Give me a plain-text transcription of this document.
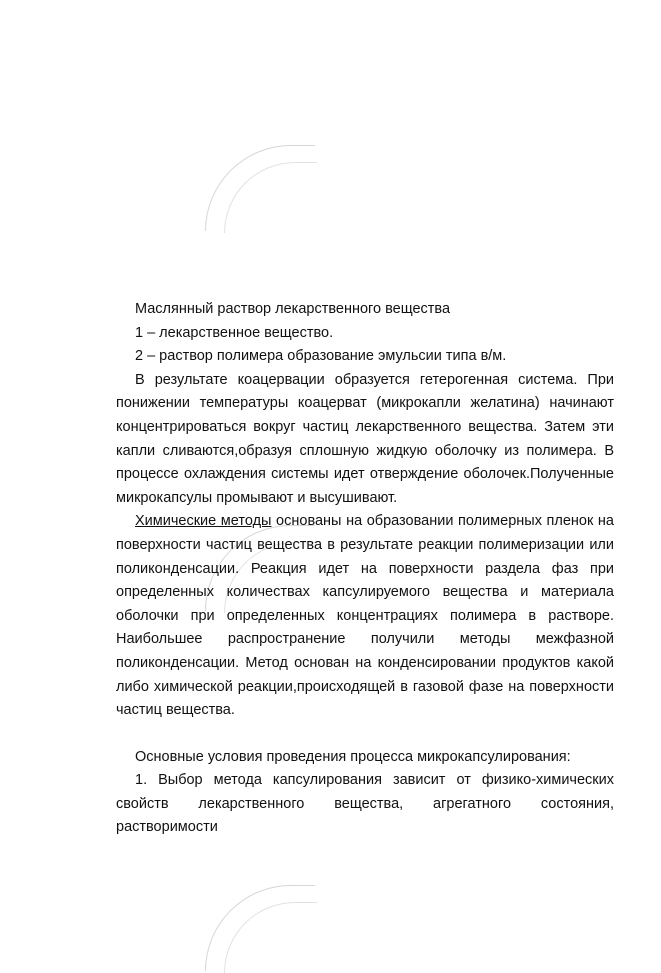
Маслянный раствор лекарственного вещества

1 – лекарственное вещество.

2 – раствор полимера образование эмульсии типа в/м.

В результате коацервации образуется гетерогенная система. При понижении температуры коацерват (микрокапли желатина) начинают концентрироваться вокруг частиц лекарственного вещества. Затем эти капли сливаются,образуя сплошную жидкую оболочку из полимера. В процессе охлаждения системы идет отверждение оболочек.Полученные микрокапсулы промывают и высушивают.

Химические методы основаны на образовании полимерных пленок на поверхности частиц вещества в результате реакции полимеризации или поликонденсации. Реакция идет на поверхности раздела фаз при определенных количествах капсулируемого вещества и материала оболочки при определенных концентрациях полимера в растворе. Наибольшее распространение получили методы межфазной поликонденсации. Метод основан на конденсировании продуктов какой либо химической реакции,происходящей в газовой фазе на поверхности частиц вещества.

Основные условия проведения процесса микрокапсулирования:

1. Выбор метода капсулирования зависит от физико-химических свойств лекарственного вещества, агрегатного состояния, растворимости
